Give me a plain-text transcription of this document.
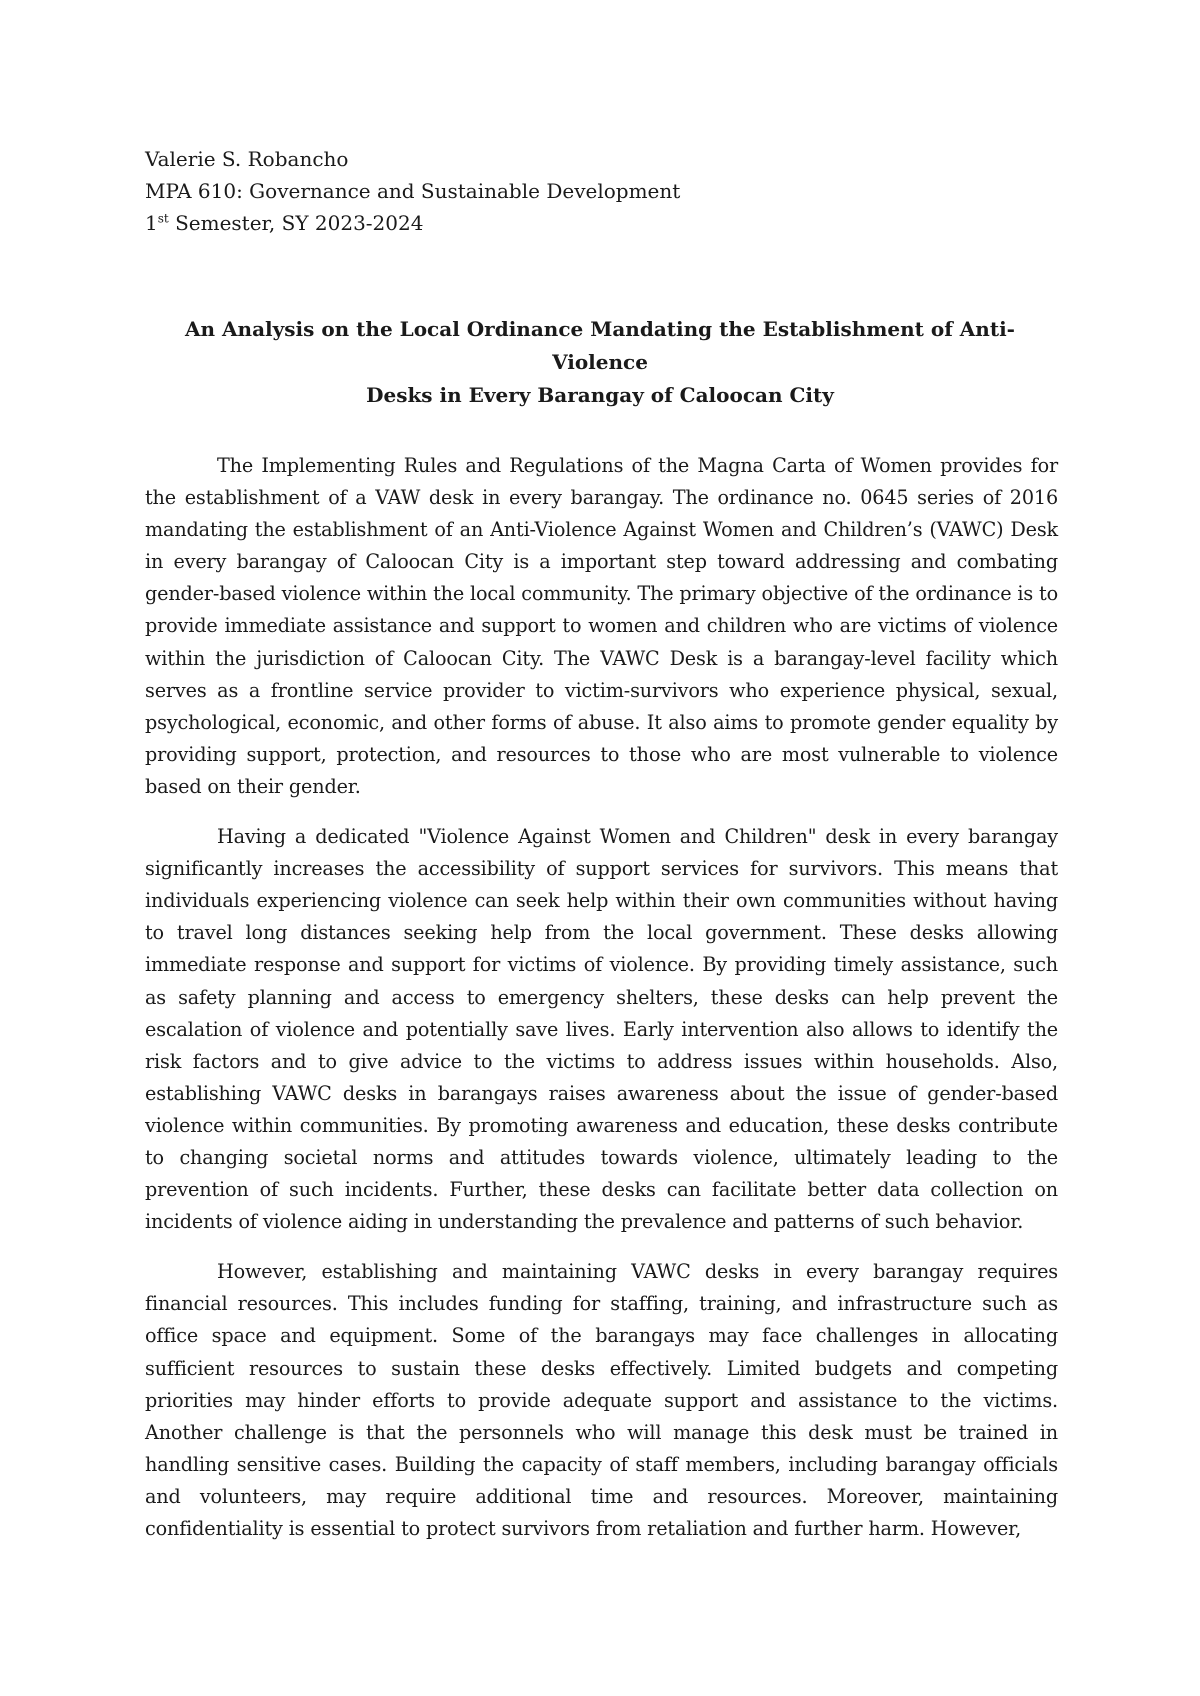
Valerie S. Robancho
MPA 610: Governance and Sustainable Development
1st Semester, SY 2023-2024
An Analysis on the Local Ordinance Mandating the Establishment of Anti-Violence
Desks in Every Barangay of Caloocan City

The Implementing Rules and Regulations of the Magna Carta of Women provides for the establishment of a VAW desk in every barangay. The ordinance no. 0645 series of 2016 mandating the establishment of an Anti-Violence Against Women and Children’s (VAWC) Desk in every barangay of Caloocan City is a important step toward addressing and combating gender-based violence within the local community. The primary objective of the ordinance is to provide immediate assistance and support to women and children who are victims of violence within the jurisdiction of Caloocan City. The VAWC Desk is a barangay-level facility which serves as a frontline service provider to victim-survivors who experience physical, sexual, psychological, economic, and other forms of abuse. It also aims to promote gender equality by providing support, protection, and resources to those who are most vulnerable to violence based on their gender.

Having a dedicated "Violence Against Women and Children" desk in every barangay significantly increases the accessibility of support services for survivors. This means that individuals experiencing violence can seek help within their own communities without having to travel long distances seeking help from the local government. These desks allowing immediate response and support for victims of violence. By providing timely assistance, such as safety planning and access to emergency shelters, these desks can help prevent the escalation of violence and potentially save lives. Early intervention also allows to identify the risk factors and to give advice to the victims to address issues within households. Also, establishing VAWC desks in barangays raises awareness about the issue of gender-based violence within communities. By promoting awareness and education, these desks contribute to changing societal norms and attitudes towards violence, ultimately leading to the prevention of such incidents. Further, these desks can facilitate better data collection on incidents of violence aiding in understanding the prevalence and patterns of such behavior.

However, establishing and maintaining VAWC desks in every barangay requires financial resources. This includes funding for staffing, training, and infrastructure such as office space and equipment. Some of the barangays may face challenges in allocating sufficient resources to sustain these desks effectively. Limited budgets and competing priorities may hinder efforts to provide adequate support and assistance to the victims. Another challenge is that the personnels who will manage this desk must be trained in handling sensitive cases. Building the capacity of staff members, including barangay officials and volunteers, may require additional time and resources. Moreover, maintaining confidentiality is essential to protect survivors from retaliation and further harm. However,
